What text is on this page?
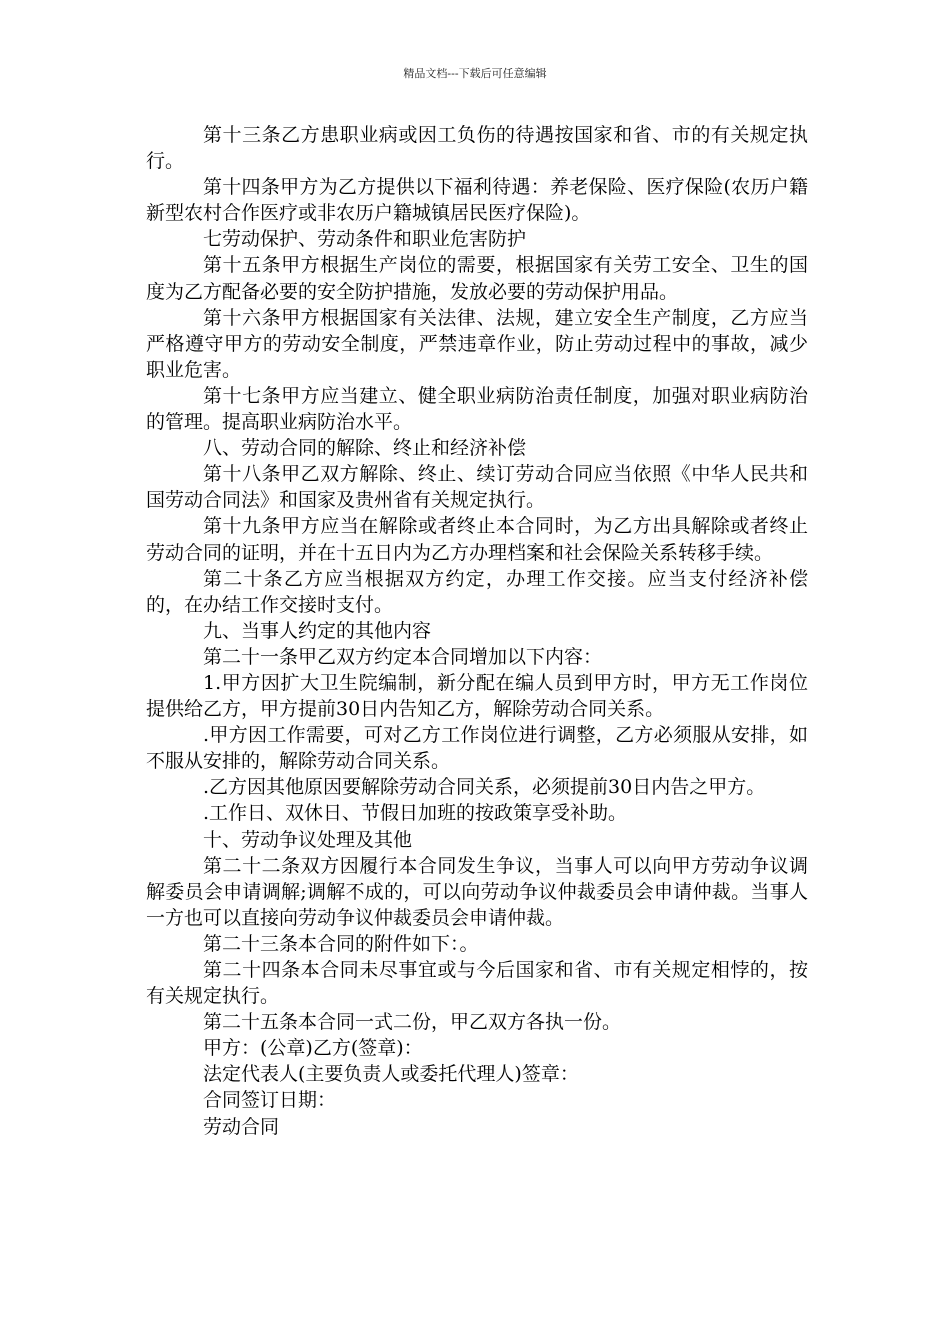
精品文档---下载后可任意编辑

第十三条乙方患职业病或因工负伤的待遇按国家和省、市的有关规定执行。

第十四条甲方为乙方提供以下福利待遇：养老保险、医疗保险(农历户籍新型农村合作医疗或非农历户籍城镇居民医疗保险)。

七劳动保护、劳动条件和职业危害防护

第十五条甲方根据生产岗位的需要，根据国家有关劳工安全、卫生的国度为乙方配备必要的安全防护措施，发放必要的劳动保护用品。

第十六条甲方根据国家有关法律、法规，建立安全生产制度，乙方应当严格遵守甲方的劳动安全制度，严禁违章作业，防止劳动过程中的事故，减少职业危害。

第十七条甲方应当建立、健全职业病防治责任制度，加强对职业病防治的管理。提高职业病防治水平。

八、劳动合同的解除、终止和经济补偿

第十八条甲乙双方解除、终止、续订劳动合同应当依照《中华人民共和国劳动合同法》和国家及贵州省有关规定执行。

第十九条甲方应当在解除或者终止本合同时，为乙方出具解除或者终止劳动合同的证明，并在十五日内为乙方办理档案和社会保险关系转移手续。

第二十条乙方应当根据双方约定，办理工作交接。应当支付经济补偿的，在办结工作交接时支付。

九、当事人约定的其他内容

第二十一条甲乙双方约定本合同增加以下内容：

1.甲方因扩大卫生院编制，新分配在编人员到甲方时，甲方无工作岗位提供给乙方，甲方提前30日内告知乙方，解除劳动合同关系。

.甲方因工作需要，可对乙方工作岗位进行调整，乙方必须服从安排，如不服从安排的，解除劳动合同关系。

.乙方因其他原因要解除劳动合同关系，必须提前30日内告之甲方。

.工作日、双休日、节假日加班的按政策享受补助。

十、劳动争议处理及其他

第二十二条双方因履行本合同发生争议，当事人可以向甲方劳动争议调解委员会申请调解;调解不成的，可以向劳动争议仲裁委员会申请仲裁。当事人一方也可以直接向劳动争议仲裁委员会申请仲裁。

第二十三条本合同的附件如下：。

第二十四条本合同未尽事宜或与今后国家和省、市有关规定相悖的，按有关规定执行。

第二十五条本合同一式二份，甲乙双方各执一份。

甲方：(公章)乙方(签章)：

法定代表人(主要负责人或委托代理人)签章：

合同签订日期：

劳动合同
